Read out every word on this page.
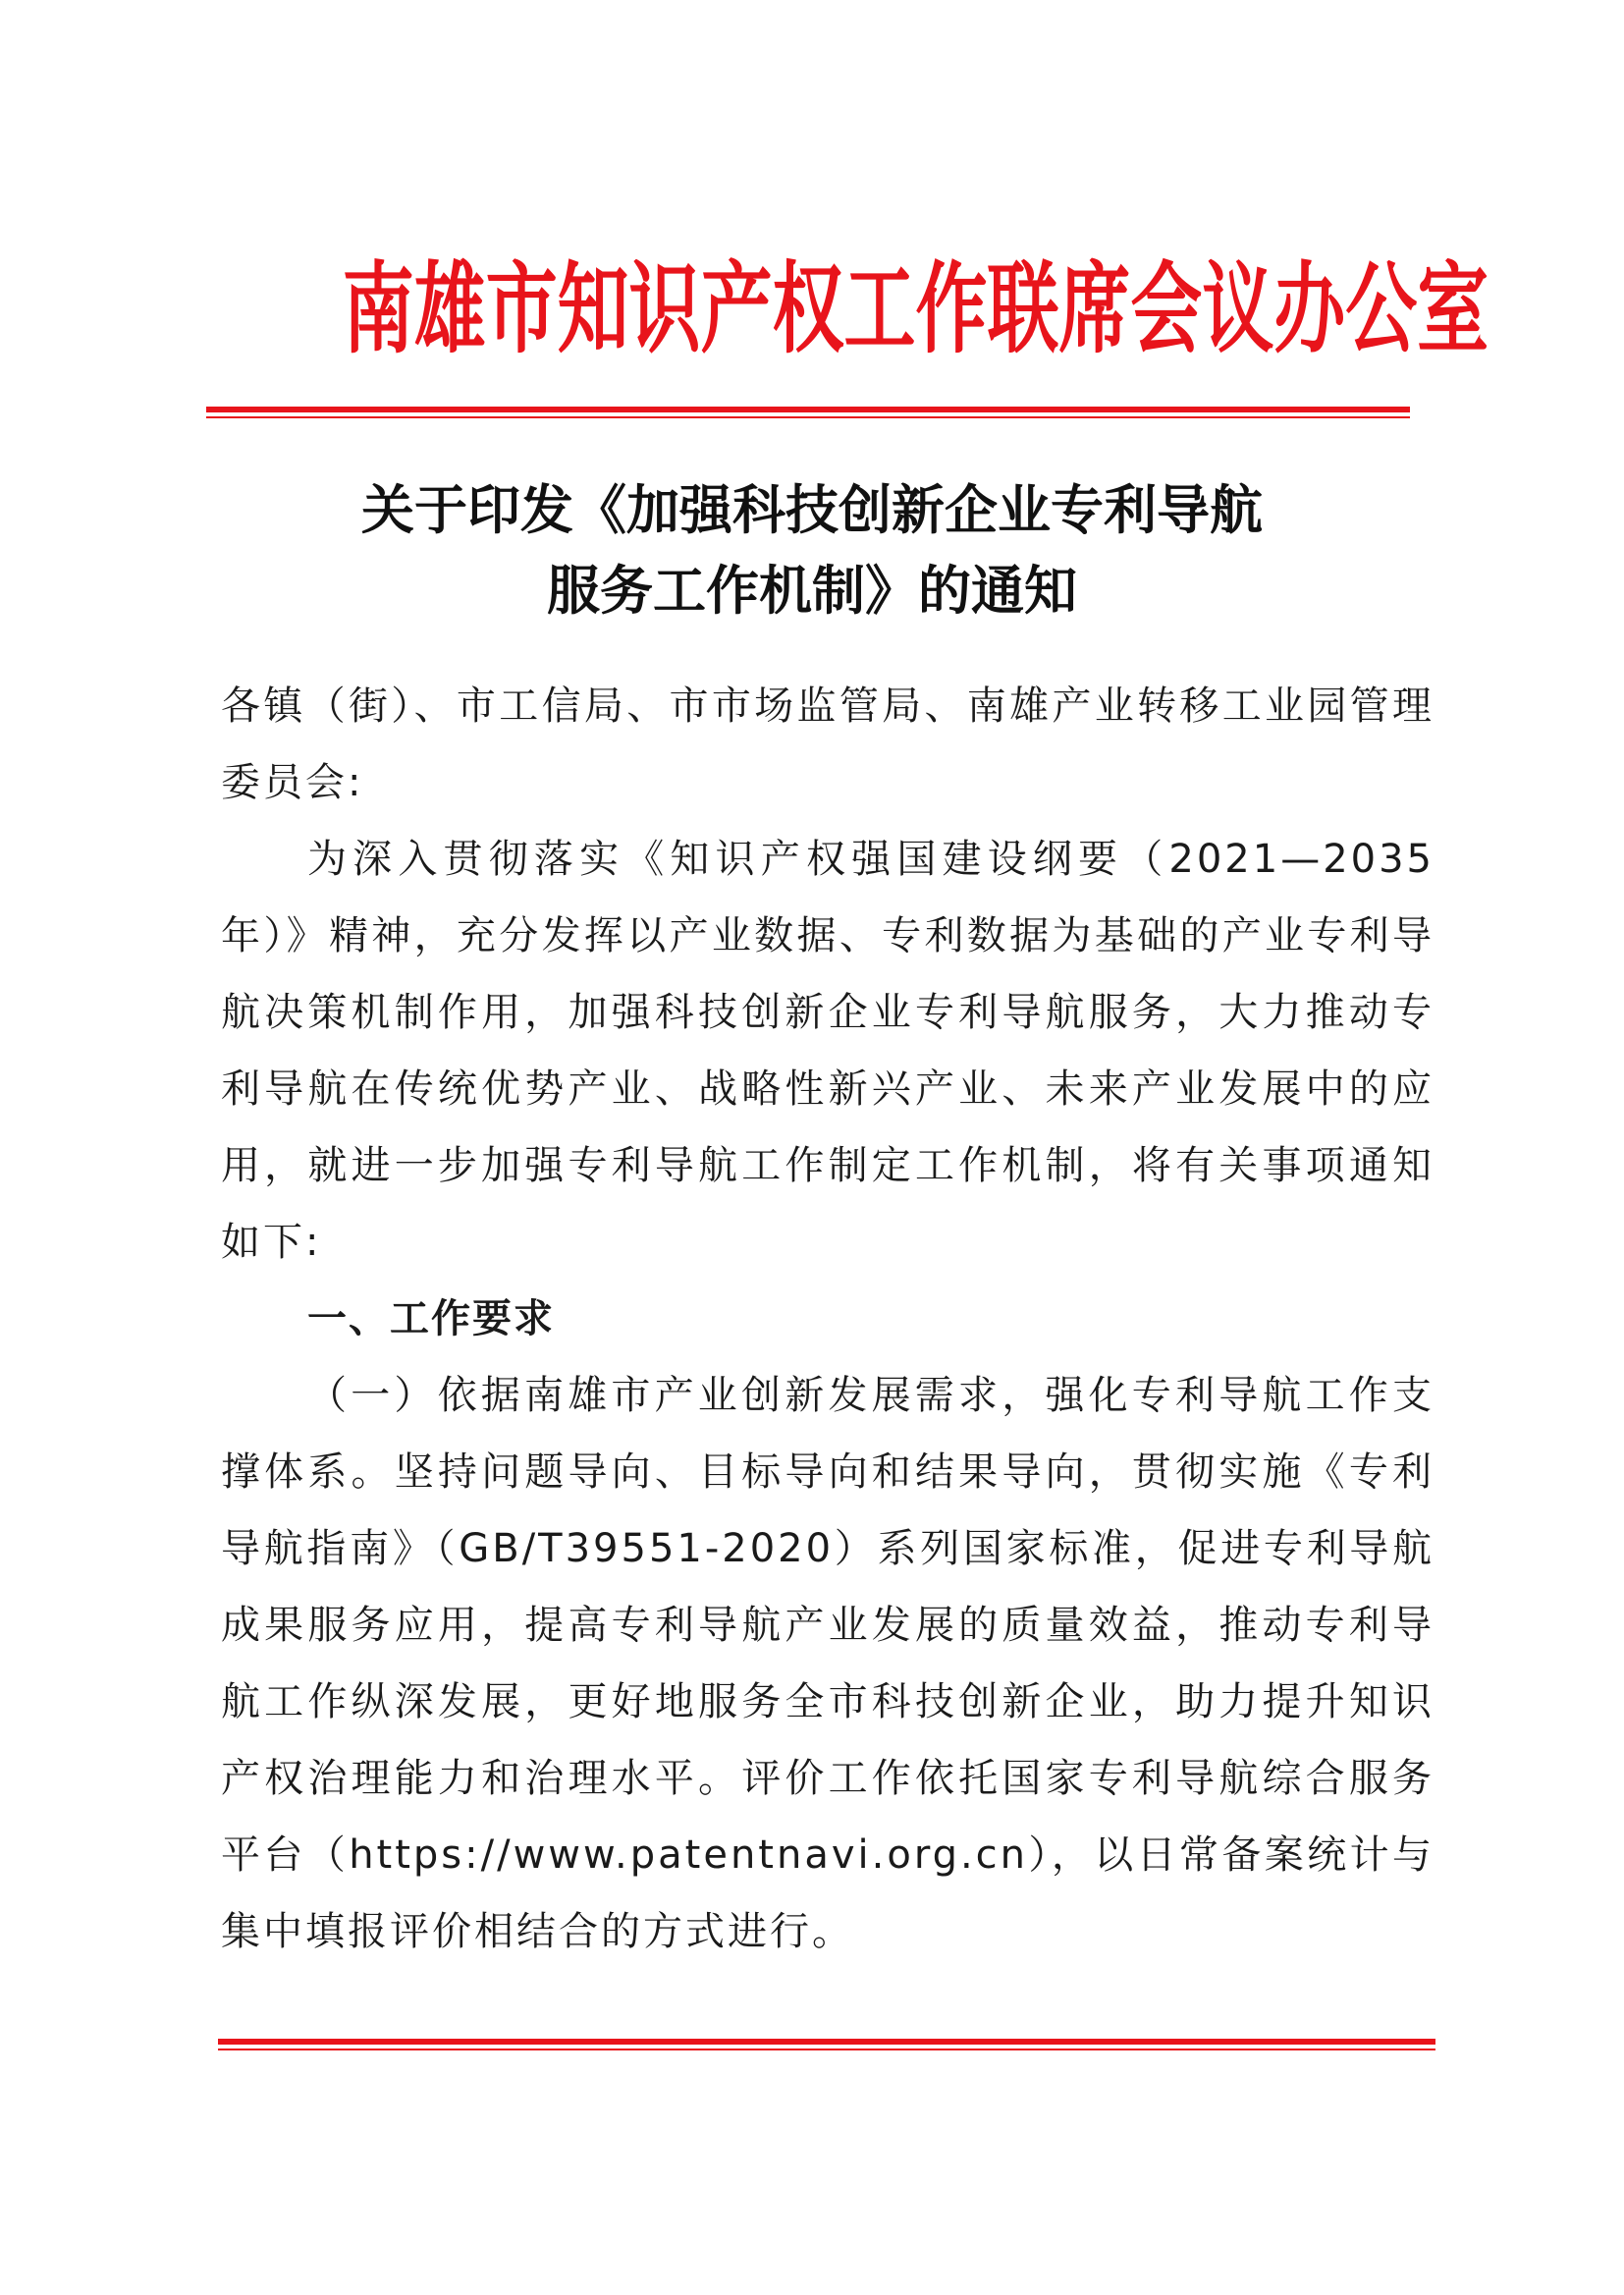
南雄市知识产权工作联席会议办公室
关于印发《加强科技创新企业专利导航
服务工作机制》的通知

各镇（街）、市工信局、市市场监管局、南雄产业转移工业园管理委员会:

为深入贯彻落实《知识产权强国建设纲要（2021—2035年）》精神，充分发挥以产业数据、专利数据为基础的产业专利导航决策机制作用，加强科技创新企业专利导航服务，大力推动专利导航在传统优势产业、战略性新兴产业、未来产业发展中的应用，就进一步加强专利导航工作制定工作机制，将有关事项通知如下:

一、工作要求

（一）依据南雄市产业创新发展需求，强化专利导航工作支撑体系。坚持问题导向、目标导向和结果导向，贯彻实施《专利导航指南》（GB/T39551-2020）系列国家标准，促进专利导航成果服务应用，提高专利导航产业发展的质量效益，推动专利导航工作纵深发展，更好地服务全市科技创新企业，助力提升知识产权治理能力和治理水平。评价工作依托国家专利导航综合服务平台（https://www.patentnavi.org.cn），以日常备案统计与集中填报评价相结合的方式进行。
